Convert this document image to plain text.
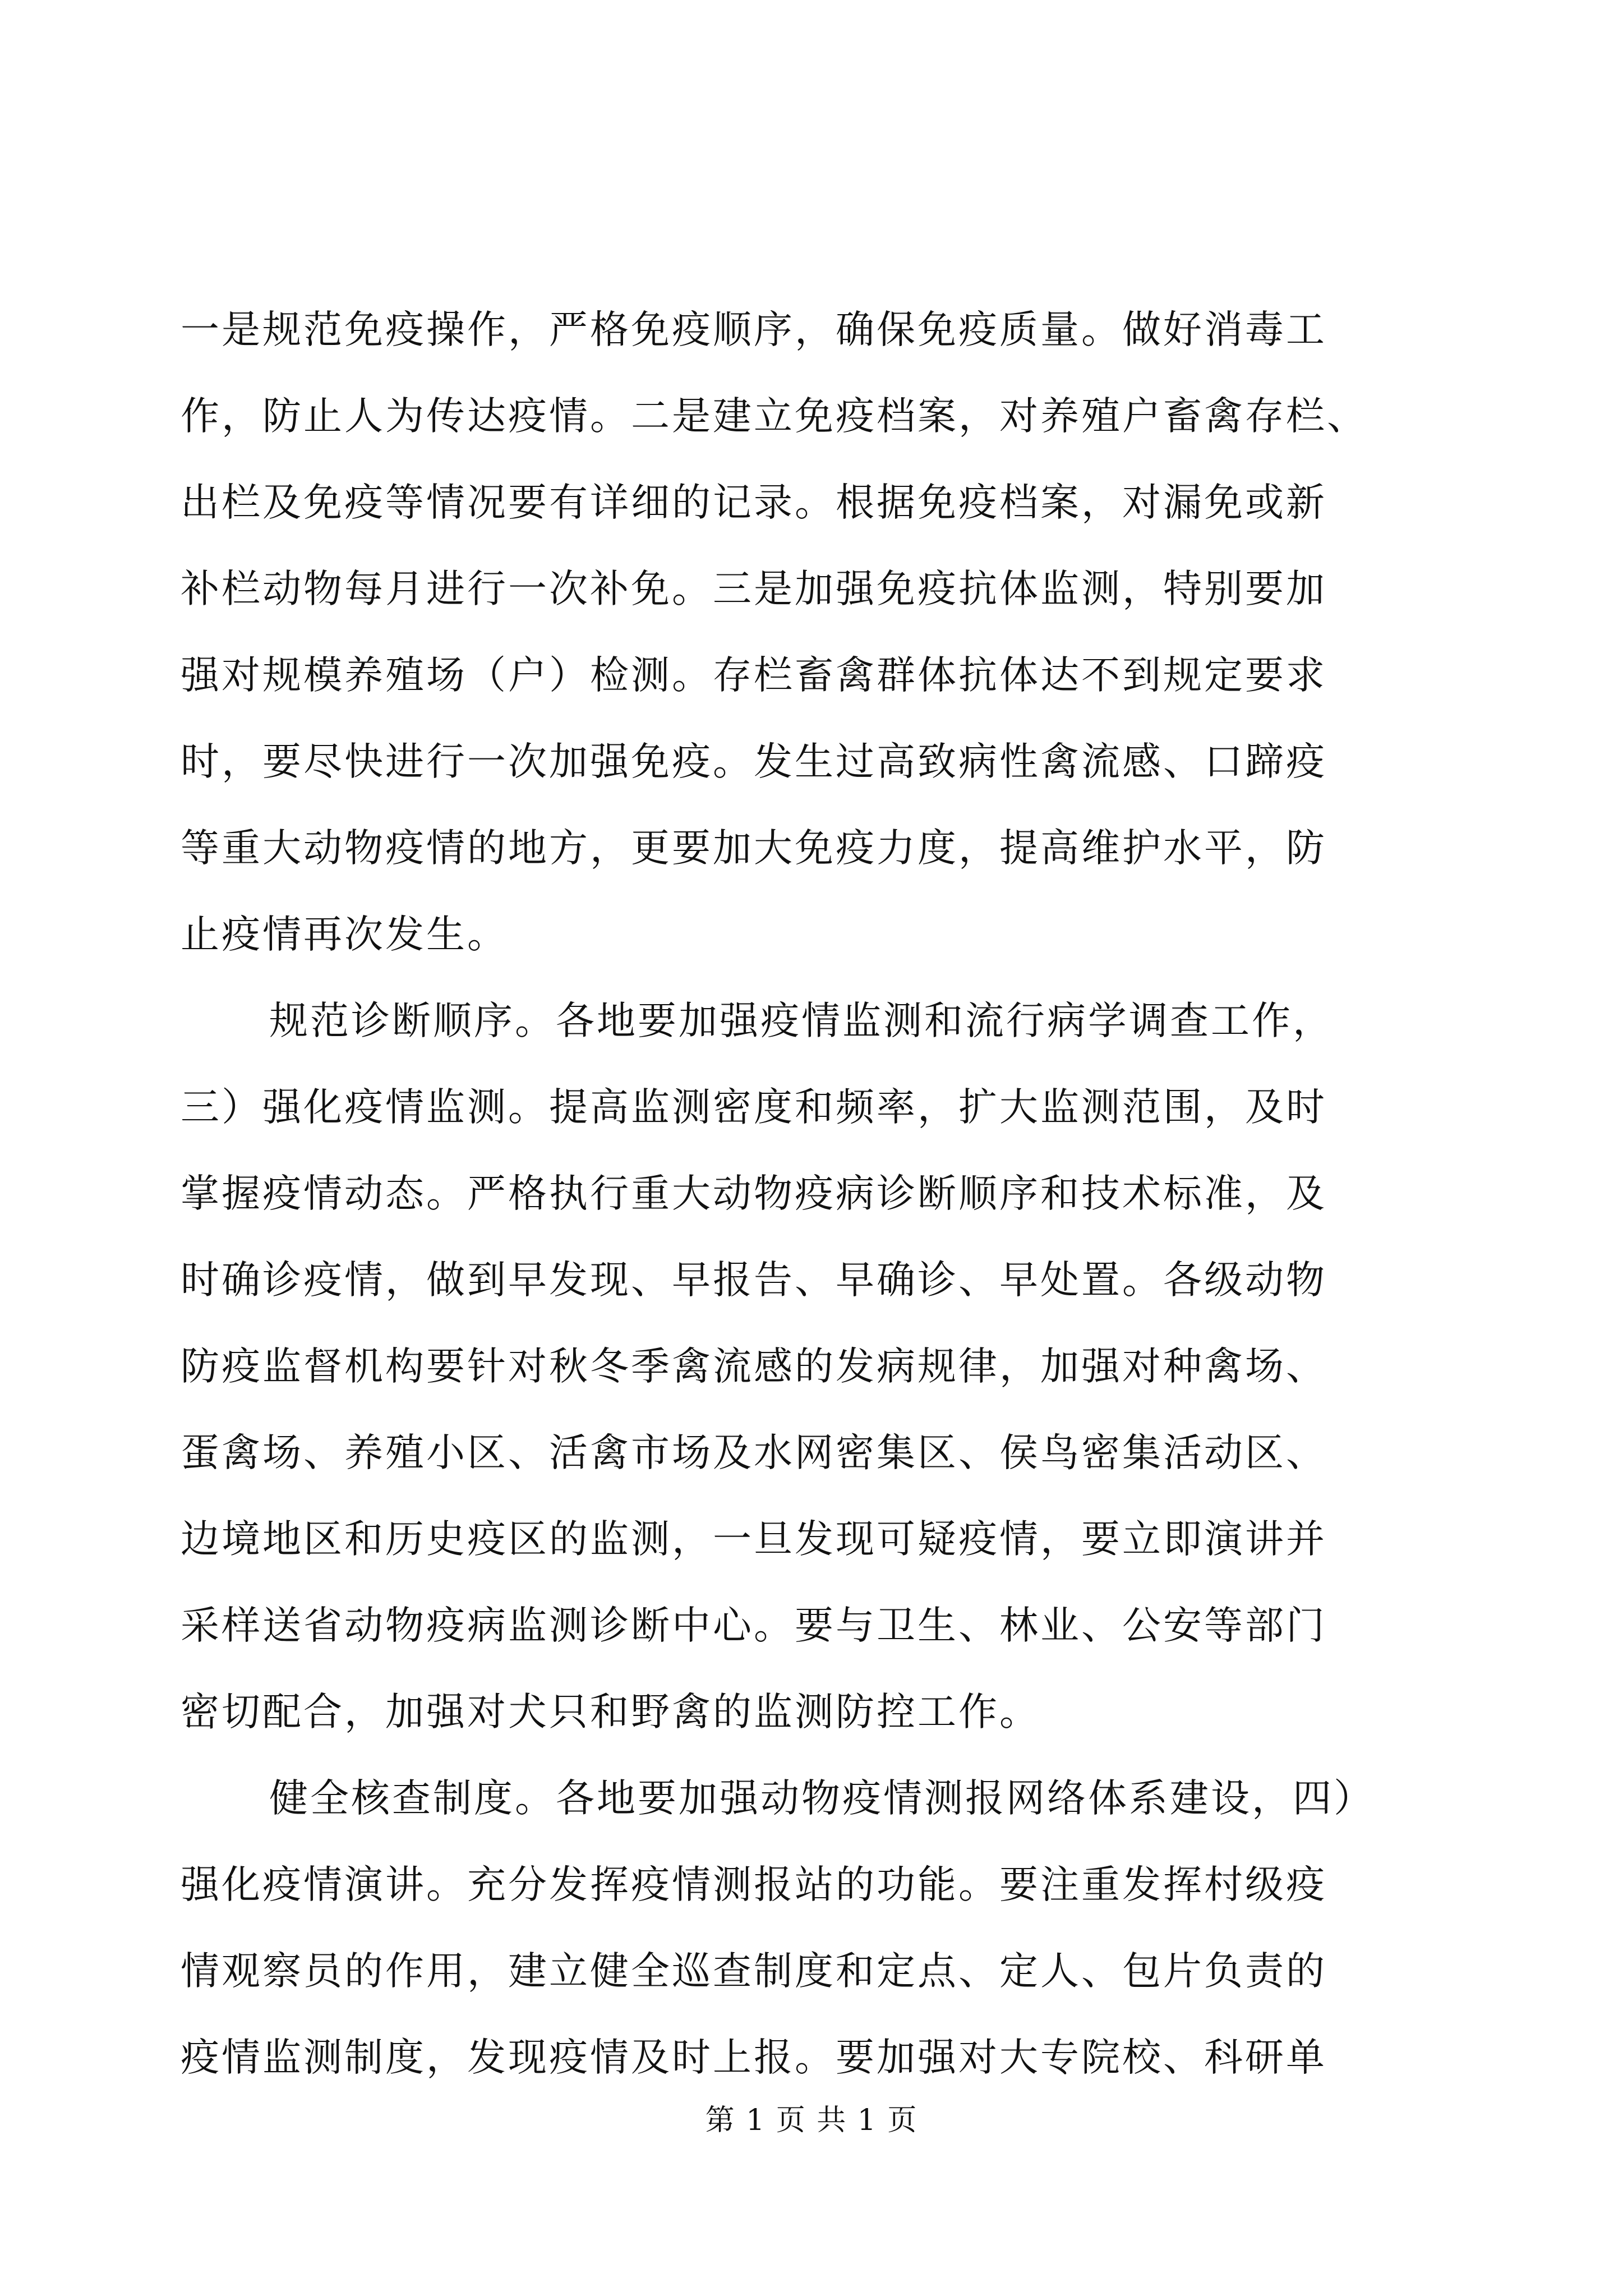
一是规范免疫操作，严格免疫顺序，确保免疫质量。做好消毒工
作，防止人为传达疫情。二是建立免疫档案，对养殖户畜禽存栏、
出栏及免疫等情况要有详细的记录。根据免疫档案，对漏免或新
补栏动物每月进行一次补免。三是加强免疫抗体监测，特别要加
强对规模养殖场（户）检测。存栏畜禽群体抗体达不到规定要求
时，要尽快进行一次加强免疫。发生过高致病性禽流感、口蹄疫
等重大动物疫情的地方，更要加大免疫力度，提高维护水平，防
止疫情再次发生。
规范诊断顺序。各地要加强疫情监测和流行病学调查工作，
三）强化疫情监测。提高监测密度和频率，扩大监测范围，及时
掌握疫情动态。严格执行重大动物疫病诊断顺序和技术标准，及
时确诊疫情，做到早发现、早报告、早确诊、早处置。各级动物
防疫监督机构要针对秋冬季禽流感的发病规律，加强对种禽场、
蛋禽场、养殖小区、活禽市场及水网密集区、侯鸟密集活动区、
边境地区和历史疫区的监测，一旦发现可疑疫情，要立即演讲并
采样送省动物疫病监测诊断中心。要与卫生、林业、公安等部门
密切配合，加强对犬只和野禽的监测防控工作。
健全核查制度。各地要加强动物疫情测报网络体系建设，四）
强化疫情演讲。充分发挥疫情测报站的功能。要注重发挥村级疫
情观察员的作用，建立健全巡查制度和定点、定人、包片负责的
疫情监测制度，发现疫情及时上报。要加强对大专院校、科研单
第 1 页 共 1 页
